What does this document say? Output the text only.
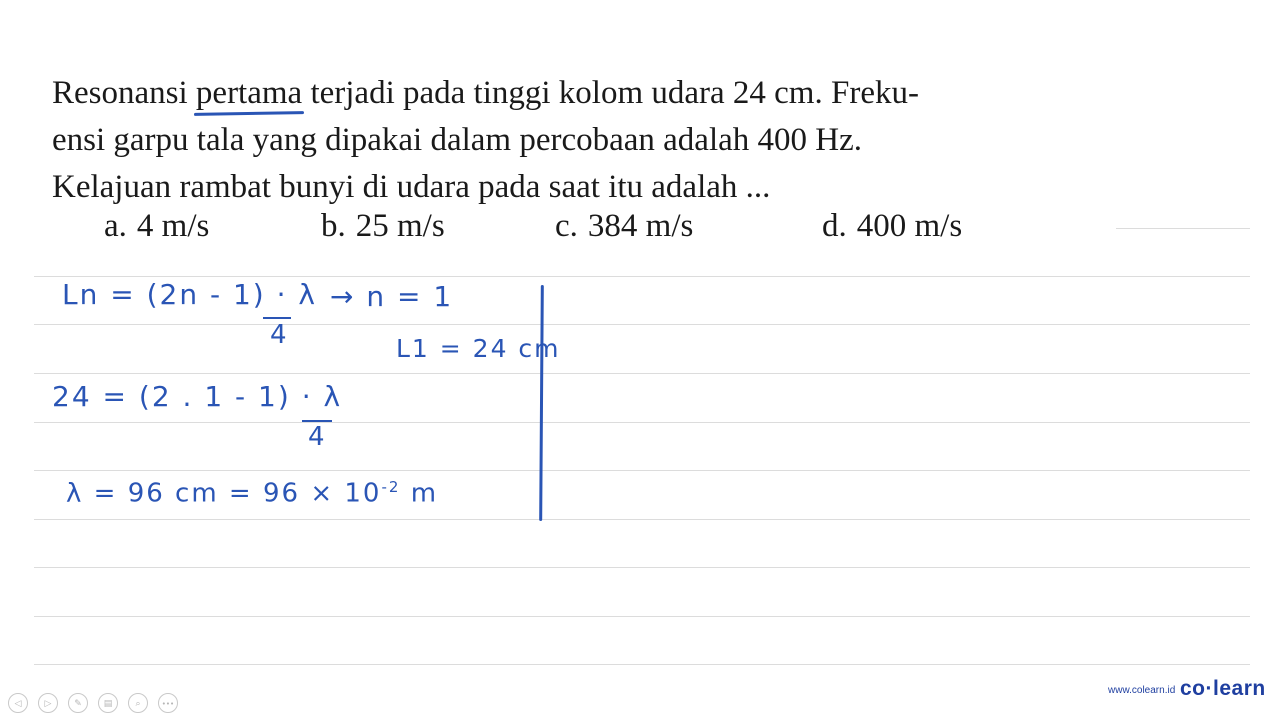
Resonansi pertama terjadi pada tinggi kolom udara 24 cm. Freku-

ensi garpu tala yang dipakai dalam percobaan adalah 400 Hz.

Kelajuan rambat bunyi di udara pada saat itu adalah ...

a. 4 m/s	b. 25 m/s	c. 384 m/s	d. 400 m/s
Ln = (2n - 1) · λ
4
→ n = 1
L1 = 24 cm
24 = (2 . 1 - 1) · λ
4
λ = 96 cm = $96 \times 10^{-2}$ m
◁	▷	✎	▤	⌕	•••
www.colearn.id co·learn
